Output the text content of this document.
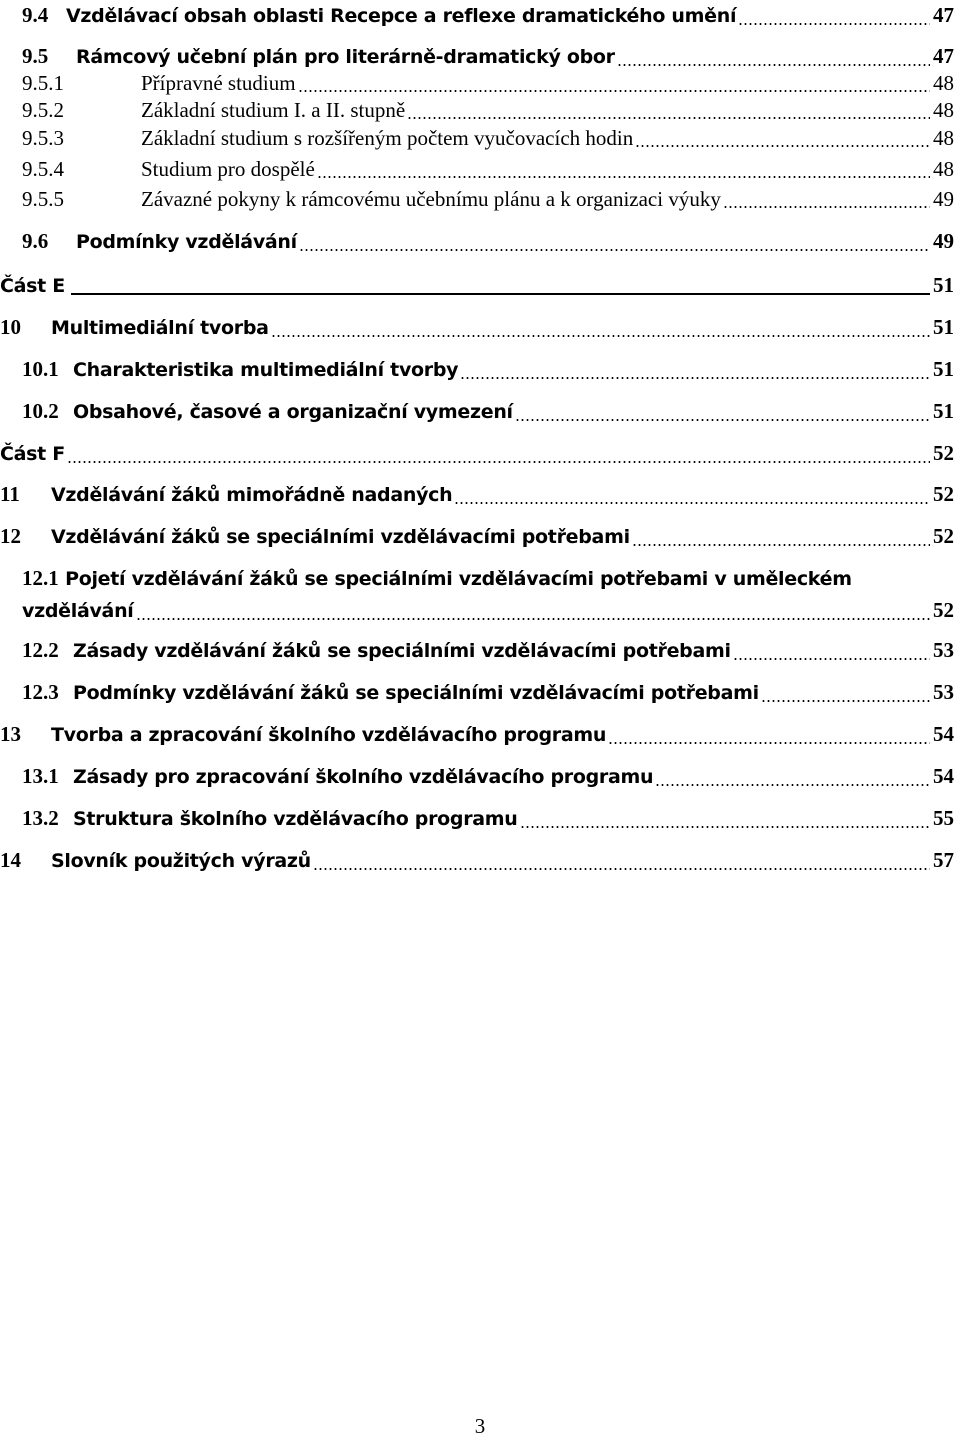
9.4 Vzdělávací obsah oblasti Recepce a reflexe dramatického umění	47
9.5	Rámcový učební plán pro literárně-dramatický obor	47
9.5.1	Přípravné studium	48
9.5.2	Základní studium I. a II. stupně	48
9.5.3	Základní studium s rozšířeným počtem vyučovacích hodin	48
9.5.4	Studium pro dospělé	48
9.5.5	Závazné pokyny k rámcovému učebnímu plánu a k organizaci výuky	49
9.6	Podmínky vzdělávání	49
Část E	51
10	Multimediální tvorba	51
10.1 Charakteristika multimediální tvorby	51
10.2 Obsahové, časové a organizační vymezení	51
Část F	52
11	Vzdělávání žáků mimořádně nadaných	52
12	Vzdělávání žáků se speciálními vzdělávacími potřebami	52
12.1 Pojetí vzdělávání žáků se speciálními vzdělávacími potřebami v uměleckém
vzdělávání	52
12.2 Zásady vzdělávání žáků se speciálními vzdělávacími potřebami	53
12.3 Podmínky vzdělávání žáků se speciálními vzdělávacími potřebami	53
13	Tvorba a zpracování školního vzdělávacího programu	54
13.1 Zásady pro zpracování školního vzdělávacího programu	54
13.2 Struktura školního vzdělávacího programu	55
14	Slovník použitých výrazů	57
3
